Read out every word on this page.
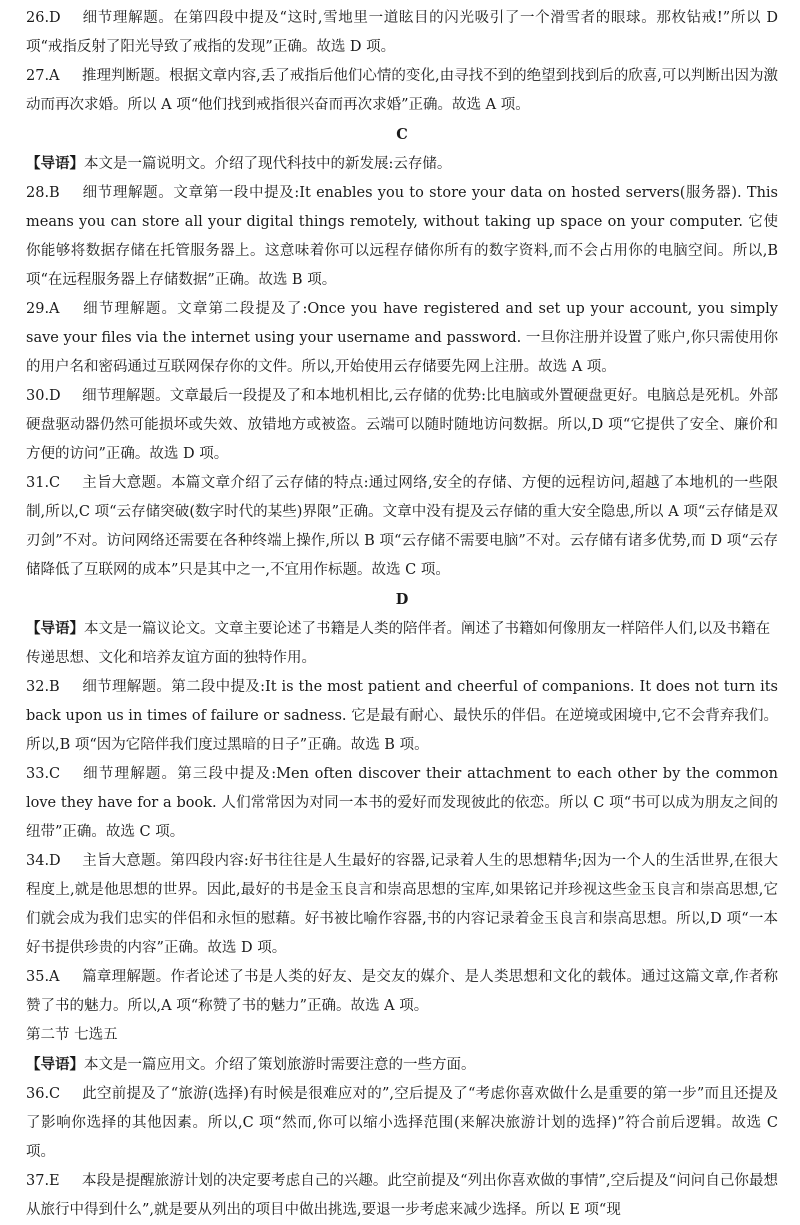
26.D 细节理解题。在第四段中提及“这时,雪地里一道眩目的闪光吸引了一个滑雪者的眼球。那枚钻戒!”所以 D 项“戒指反射了阳光导致了戒指的发现”正确。故选 D 项。

27.A 推理判断题。根据文章内容,丢了戒指后他们心情的变化,由寻找不到的绝望到找到后的欣喜,可以判断出因为激动而再次求婚。所以 A 项“他们找到戒指很兴奋而再次求婚”正确。故选 A 项。

C

【导语】本文是一篇说明文。介绍了现代科技中的新发展:云存储。

28.B 细节理解题。文章第一段中提及:It enables you to store your data on hosted servers(服务器). This means you can store all your digital things remotely, without taking up space on your computer. 它使你能够将数据存储在托管服务器上。这意味着你可以远程存储你所有的数字资料,而不会占用你的电脑空间。所以,B 项“在远程服务器上存储数据”正确。故选 B 项。

29.A 细节理解题。文章第二段提及了:Once you have registered and set up your account, you simply save your files via the internet using your username and password. 一旦你注册并设置了账户,你只需使用你的用户名和密码通过互联网保存你的文件。所以,开始使用云存储要先网上注册。故选 A 项。

30.D 细节理解题。文章最后一段提及了和本地机相比,云存储的优势:比电脑或外置硬盘更好。电脑总是死机。外部硬盘驱动器仍然可能损坏或失效、放错地方或被盗。云端可以随时随地访问数据。所以,D 项“它提供了安全、廉价和方便的访问”正确。故选 D 项。

31.C 主旨大意题。本篇文章介绍了云存储的特点:通过网络,安全的存储、方便的远程访问,超越了本地机的一些限制,所以,C 项“云存储突破(数字时代的某些)界限”正确。文章中没有提及云存储的重大安全隐患,所以 A 项“云存储是双刃剑”不对。访问网络还需要在各种终端上操作,所以 B 项“云存储不需要电脑”不对。云存储有诸多优势,而 D 项“云存储降低了互联网的成本”只是其中之一,不宜用作标题。故选 C 项。

D

【导语】本文是一篇议论文。文章主要论述了书籍是人类的陪伴者。阐述了书籍如何像朋友一样陪伴人们,以及书籍在传递思想、文化和培养友谊方面的独特作用。

32.B 细节理解题。第二段中提及:It is the most patient and cheerful of companions. It does not turn its back upon us in times of failure or sadness. 它是最有耐心、最快乐的伴侣。在逆境或困境中,它不会背弃我们。所以,B 项“因为它陪伴我们度过黑暗的日子”正确。故选 B 项。

33.C 细节理解题。第三段中提及:Men often discover their attachment to each other by the common love they have for a book. 人们常常因为对同一本书的爱好而发现彼此的依恋。所以 C 项“书可以成为朋友之间的纽带”正确。故选 C 项。

34.D 主旨大意题。第四段内容:好书往往是人生最好的容器,记录着人生的思想精华;因为一个人的生活世界,在很大程度上,就是他思想的世界。因此,最好的书是金玉良言和崇高思想的宝库,如果铭记并珍视这些金玉良言和崇高思想,它们就会成为我们忠实的伴侣和永恒的慰藉。好书被比喻作容器,书的内容记录着金玉良言和崇高思想。所以,D 项“一本好书提供珍贵的内容”正确。故选 D 项。

35.A 篇章理解题。作者论述了书是人类的好友、是交友的媒介、是人类思想和文化的载体。通过这篇文章,作者称赞了书的魅力。所以,A 项“称赞了书的魅力”正确。故选 A 项。

第二节 七选五

【导语】本文是一篇应用文。介绍了策划旅游时需要注意的一些方面。

36.C 此空前提及了“旅游(选择)有时候是很难应对的”,空后提及了“考虑你喜欢做什么是重要的第一步”而且还提及了影响你选择的其他因素。所以,C 项“然而,你可以缩小选择范围(来解决旅游计划的选择)”符合前后逻辑。故选 C 项。

37.E 本段是提醒旅游计划的决定要考虑自己的兴趣。此空前提及“列出你喜欢做的事情”,空后提及“问问自己你最想从旅行中得到什么”,就是要从列出的项目中做出挑选,要退一步考虑来减少选择。所以 E 项“现
